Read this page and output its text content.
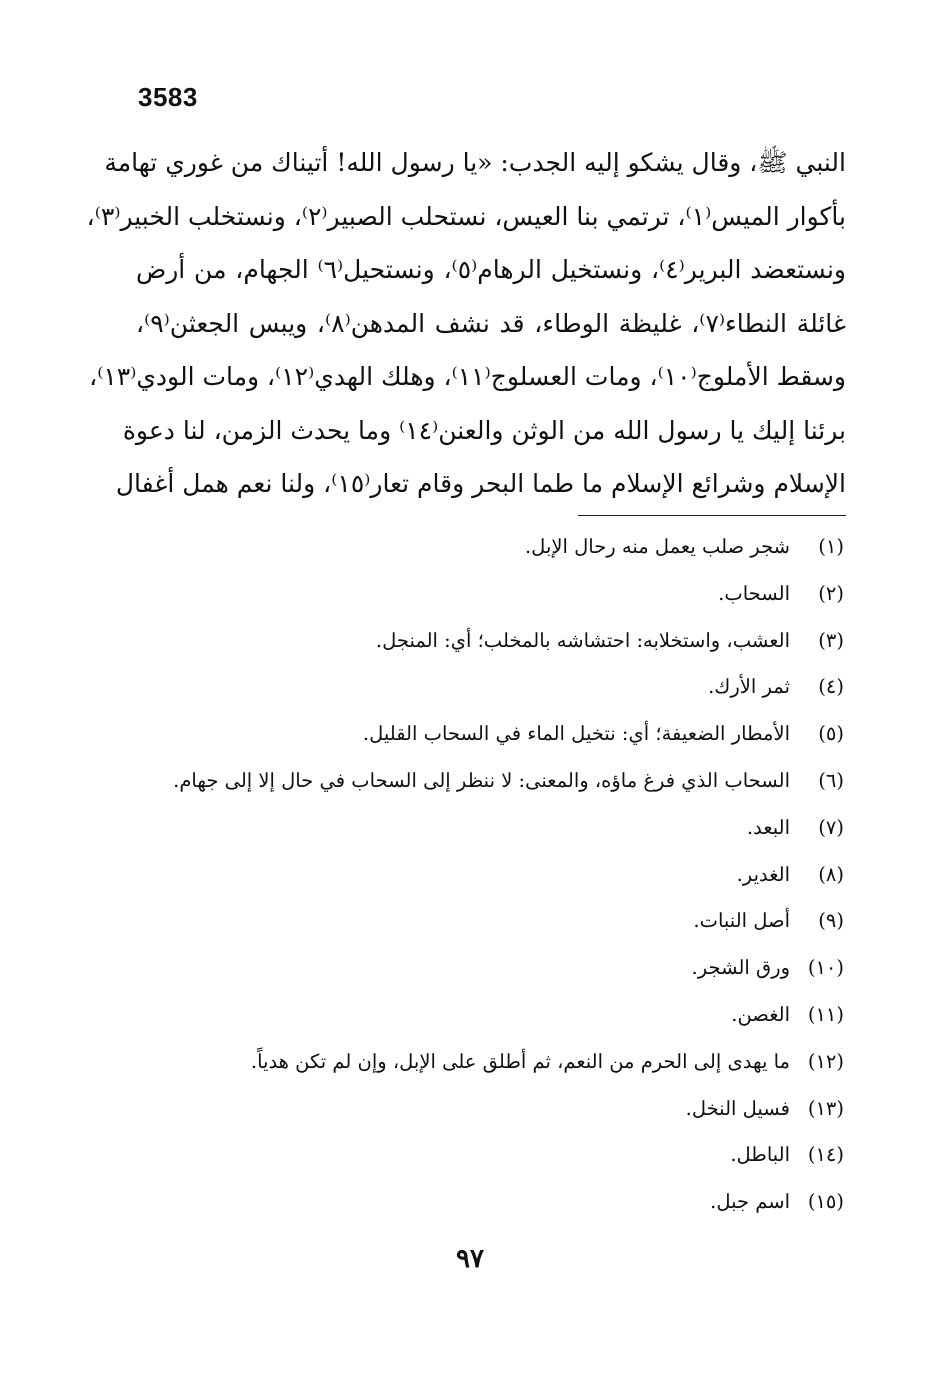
3583
النبي ﷺ، وقال يشكو إليه الجدب: «يا رسول الله! أتيناك من غوري تهامة
بأكوار الميس⁽١⁾، ترتمي بنا العيس، نستحلب الصبير⁽٢⁾، ونستخلب الخبير⁽٣⁾،
ونستعضد البرير⁽٤⁾، ونستخيل الرهام⁽٥⁾، ونستحيل⁽٦⁾ الجهام، من أرض
غائلة النطاء⁽٧⁾، غليظة الوطاء، قد نشف المدهن⁽٨⁾، ويبس الجعثن⁽٩⁾،
وسقط الأملوج⁽١٠⁾، ومات العسلوج⁽١١⁾، وهلك الهدي⁽١٢⁾، ومات الودي⁽١٣⁾،
برئنا إليك يا رسول الله من الوثن والعنن⁽١٤⁾ وما يحدث الزمن، لنا دعوة
الإسلام وشرائع الإسلام ما طما البحر وقام تعار⁽١٥⁾، ولنا نعم همل أغفال
(١)شجر صلب يعمل منه رحال الإبل.
(٢)السحاب.
(٣)العشب، واستخلابه: احتشاشه بالمخلب؛ أي: المنجل.
(٤)ثمر الأرك.
(٥)الأمطار الضعيفة؛ أي: نتخيل الماء في السحاب القليل.
(٦)السحاب الذي فرغ ماؤه، والمعنى: لا ننظر إلى السحاب في حال إلا إلى جهام.
(٧)البعد.
(٨)الغدير.
(٩)أصل النبات.
(١٠)ورق الشجر.
(١١)الغصن.
(١٢)ما يهدى إلى الحرم من النعم، ثم أطلق على الإبل، وإن لم تكن هدياً.
(١٣)فسيل النخل.
(١٤)الباطل.
(١٥)اسم جبل.
٩٧
